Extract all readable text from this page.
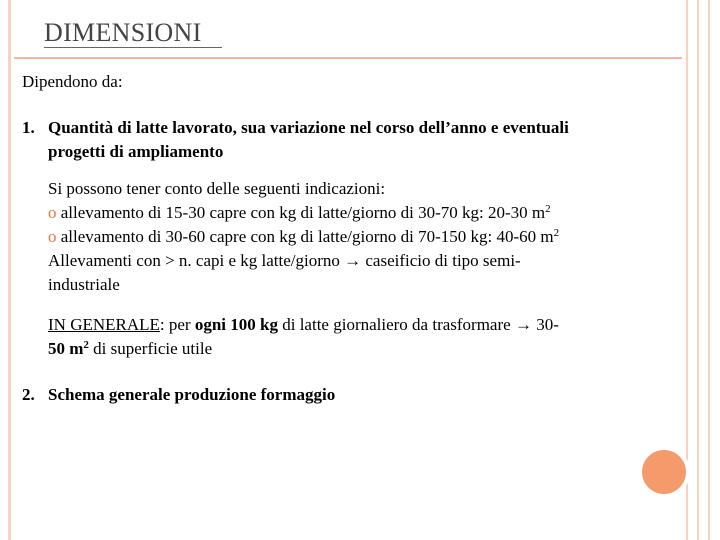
DIMENSIONI
Dipendono da:
1. Quantità di latte lavorato, sua variazione nel corso dell’anno e eventuali
progetti di ampliamento
Si possono tener conto delle seguenti indicazioni:
o allevamento di 15-30 capre con kg di latte/giorno di 30-70 kg: 20-30 $m^2$
o allevamento di 30-60 capre con kg di latte/giorno di 70-150 kg: 40-60 $m^2$
Allevamenti con > n. capi e kg latte/giorno → caseificio di tipo semi-
industriale
IN GENERALE: per ogni 100 kg di latte giornaliero da trasformare → 30-
50 $m^2$ di superficie utile
2. Schema generale produzione formaggio
